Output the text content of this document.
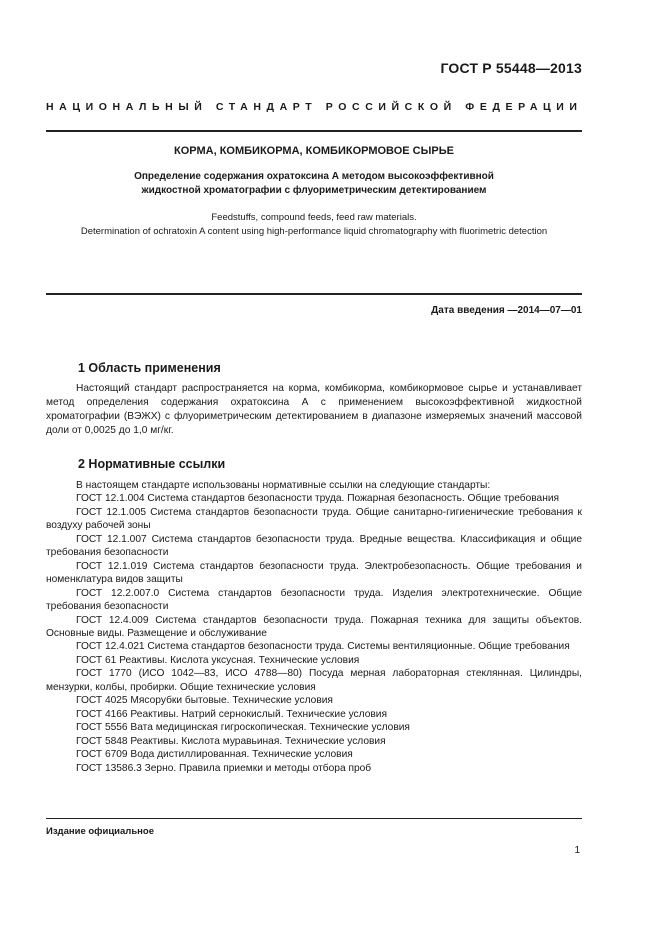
ГОСТ Р 55448—2013
НАЦИОНАЛЬНЫЙ СТАНДАРТ РОССИЙСКОЙ ФЕДЕРАЦИИ
КОРМА, КОМБИКОРМА, КОМБИКОРМОВОЕ СЫРЬЕ
Определение содержания охратоксина А методом высокоэффективной
жидкостной хроматографии с флуориметрическим детектированием
Feedstuffs, compound feeds, feed raw materials.
Determination of ochratoxin A content using high-performance liquid chromatography with fluorimetric detection
Дата введения —2014—07—01
1 Область применения
Настоящий стандарт распространяется на корма, комбикорма, комбикормовое сырье и устанавливает метод определения содержания охратоксина А с применением высокоэффективной жидкостной хроматографии (ВЭЖХ) с флуориметрическим детектированием в диапазоне измеряемых значений массовой доли от 0,0025 до 1,0 мг/кг.
2 Нормативные ссылки
В настоящем стандарте использованы нормативные ссылки на следующие стандарты:
ГОСТ 12.1.004 Система стандартов безопасности труда. Пожарная безопасность. Общие требования
ГОСТ 12.1.005 Система стандартов безопасности труда. Общие санитарно-гигиенические требования к воздуху рабочей зоны
ГОСТ 12.1.007 Система стандартов безопасности труда. Вредные вещества. Классификация и общие требования безопасности
ГОСТ 12.1.019 Система стандартов безопасности труда. Электробезопасность. Общие требования и номенклатура видов защиты
ГОСТ 12.2.007.0 Система стандартов безопасности труда. Изделия электротехнические. Общие требования безопасности
ГОСТ 12.4.009 Система стандартов безопасности труда. Пожарная техника для защиты объектов. Основные виды. Размещение и обслуживание
ГОСТ 12.4.021 Система стандартов безопасности труда. Системы вентиляционные. Общие требования
ГОСТ 61 Реактивы. Кислота уксусная. Технические условия
ГОСТ 1770 (ИСО 1042—83, ИСО 4788—80) Посуда мерная лабораторная стеклянная. Цилиндры, мензурки, колбы, пробирки. Общие технические условия
ГОСТ 4025 Мясорубки бытовые. Технические условия
ГОСТ 4166 Реактивы. Натрий сернокислый. Технические условия
ГОСТ 5556 Вата медицинская гигроскопическая. Технические условия
ГОСТ 5848 Реактивы. Кислота муравьиная. Технические условия
ГОСТ 6709 Вода дистиллированная. Технические условия
ГОСТ 13586.3 Зерно. Правила приемки и методы отбора проб
Издание официальное
1
